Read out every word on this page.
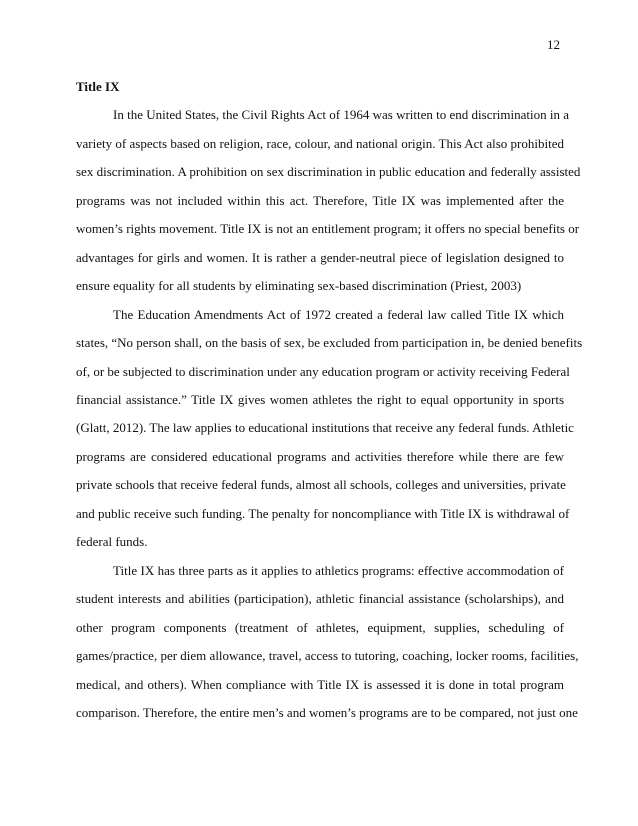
12
Title IX
In the United States, the Civil Rights Act of 1964 was written to end discrimination in a
variety of aspects based on religion, race, colour, and national origin. This Act also prohibited
sex discrimination. A prohibition on sex discrimination in public education and federally assisted
programs was not included within this act. Therefore, Title IX was implemented after the
women’s rights movement. Title IX is not an entitlement program; it offers no special benefits or
advantages for girls and women. It is rather a gender-neutral piece of legislation designed to
ensure equality for all students by eliminating sex-based discrimination (Priest, 2003)
The Education Amendments Act of 1972 created a federal law called Title IX which
states, “No person shall, on the basis of sex, be excluded from participation in, be denied benefits
of, or be subjected to discrimination under any education program or activity receiving Federal
financial assistance.” Title IX gives women athletes the right to equal opportunity in sports
(Glatt, 2012). The law applies to educational institutions that receive any federal funds. Athletic
programs are considered educational programs and activities therefore while there are few
private schools that receive federal funds, almost all schools, colleges and universities, private
and public receive such funding. The penalty for noncompliance with Title IX is withdrawal of
federal funds.
Title IX has three parts as it applies to athletics programs: effective accommodation of
student interests and abilities (participation), athletic financial assistance (scholarships), and
other program components (treatment of athletes, equipment, supplies, scheduling of
games/practice, per diem allowance, travel, access to tutoring, coaching, locker rooms, facilities,
medical, and others). When compliance with Title IX is assessed it is done in total program
comparison. Therefore, the entire men’s and women’s programs are to be compared, not just one
